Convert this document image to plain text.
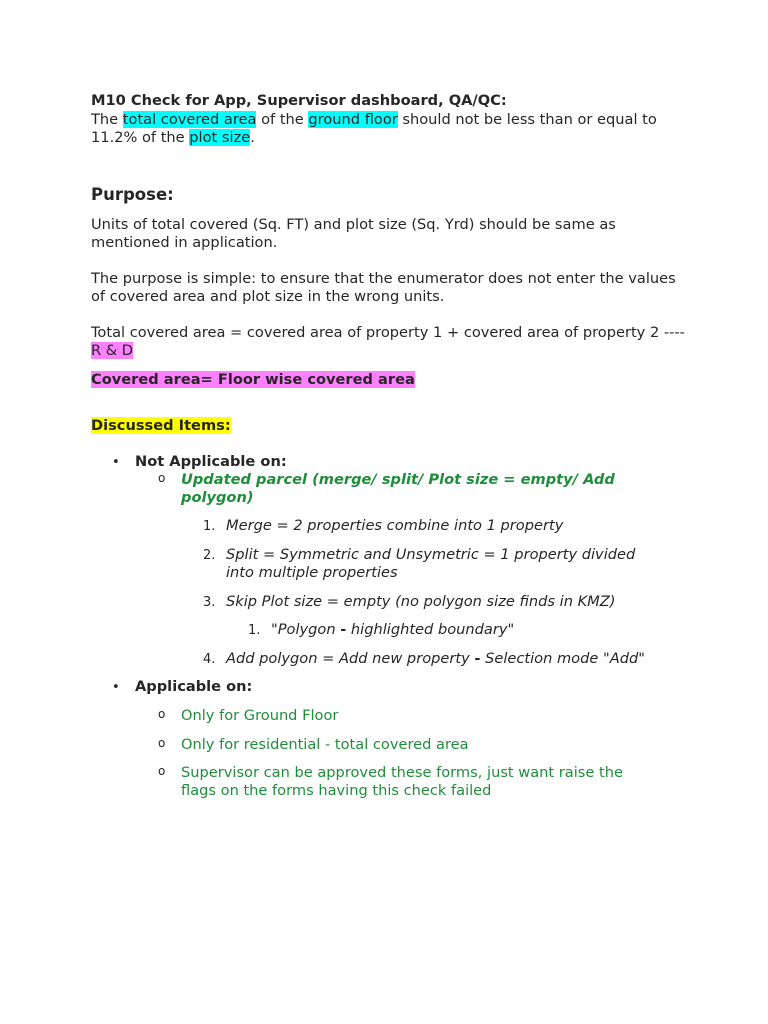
M10 Check for App, Supervisor dashboard, QA/QC:

The total covered area of the ground floor should not be less than or equal to 11.2% of the plot size.

Purpose:

Units of total covered (Sq. FT) and plot size (Sq. Yrd) should be same as mentioned in application.

The purpose is simple: to ensure that the enumerator does not enter the values of covered area and plot size in the wrong units.

Total covered area = covered area of property 1 + covered area of property 2 ---- R & D

Covered area= Floor wise covered area

Discussed Items:

• Not Applicable on:
o Updated parcel (merge/ split/ Plot size = empty/ Add polygon)
1. Merge = 2 properties combine into 1 property
2. Split = Symmetric and Unsymetric = 1 property divided into multiple properties
3. Skip Plot size = empty (no polygon size finds in KMZ)
1. "Polygon - highlighted boundary"
4. Add polygon = Add new property - Selection mode "Add"
• Applicable on:
o Only for Ground Floor
o Only for residential - total covered area
o Supervisor can be approved these forms, just want raise the flags on the forms having this check failed
